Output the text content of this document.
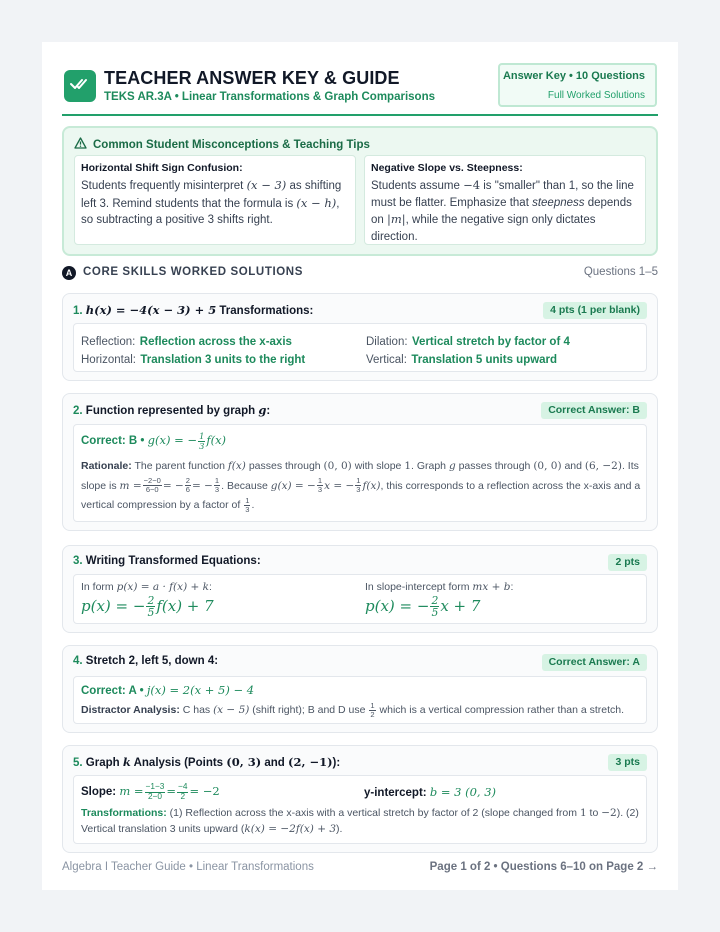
TEACHER ANSWER KEY & GUIDE
TEKS AR.3A • Linear Transformations & Graph Comparisons
Answer Key • 10 Questions
Full Worked Solutions
Common Student Misconceptions & Teaching Tips
Horizontal Shift Sign Confusion:
Students frequently misinterpret (x − 3) as shifting left 3. Remind students that the formula is (x − h), so subtracting a positive 3 shifts right.
Negative Slope vs. Steepness:
Students assume −4 is "smaller" than 1, so the line must be flatter. Emphasize that steepness depends on |m|, while the negative sign only dictates direction.
A CORE SKILLS WORKED SOLUTIONS	Questions 1–5
1. h(x) = −4(x − 3) + 5 Transformations:	4 pts (1 per blank)
Reflection: Reflection across the x-axis	Dilation: Vertical stretch by factor of 4
Horizontal: Translation 3 units to the right	Vertical: Translation 5 units upward
2. Function represented by graph g:	Correct Answer: B
Correct: B • g(x) = − $\frac{1}{3} f(x)$
Rationale: The parent function f(x) passes through (0, 0) with slope 1. Graph g passes through (0, 0) and (6, −2). Its slope is $m = \frac{-2-0}{6-0}$ = − $\frac{2}{6}$ = − $\frac{1}{3}$ . Because g(x) = − $\frac{1}{3}$ x = − $\frac{1}{3} f(x)$, this corresponds to a reflection across the x-axis and a vertical compression by a factor of $\frac{1}{3}$ .
3. Writing Transformed Equations:	2 pts
In form p(x) = a · f(x) + k:
p(x) = − $\frac{2}{5} f(x) + 7$
In slope-intercept form mx + b:
p(x) = − $\frac{2}{5}$ x + 7
4. Stretch 2, left 5, down 4:	Correct Answer: A
Correct: A • j(x) = 2(x + 5) − 4
Distractor Analysis: C has (x − 5) (shift right); B and D use $\frac{1}{2}$ which is a vertical compression rather than a stretch.
5. Graph k Analysis (Points (0, 3) and (2, −1)):	3 pts
Slope: $m = \frac{-1-3}{2-0} = \frac{-4}{2} = -2$	y-intercept: b = 3 (0, 3)
Transformations: (1) Reflection across the x-axis with a vertical stretch by factor of 2 (slope changed from 1 to −2). (2) Vertical translation 3 units upward (k(x) = −2f(x) + 3).
Algebra I Teacher Guide • Linear Transformations	Page 1 of 2 • Questions 6–10 on Page 2 →
